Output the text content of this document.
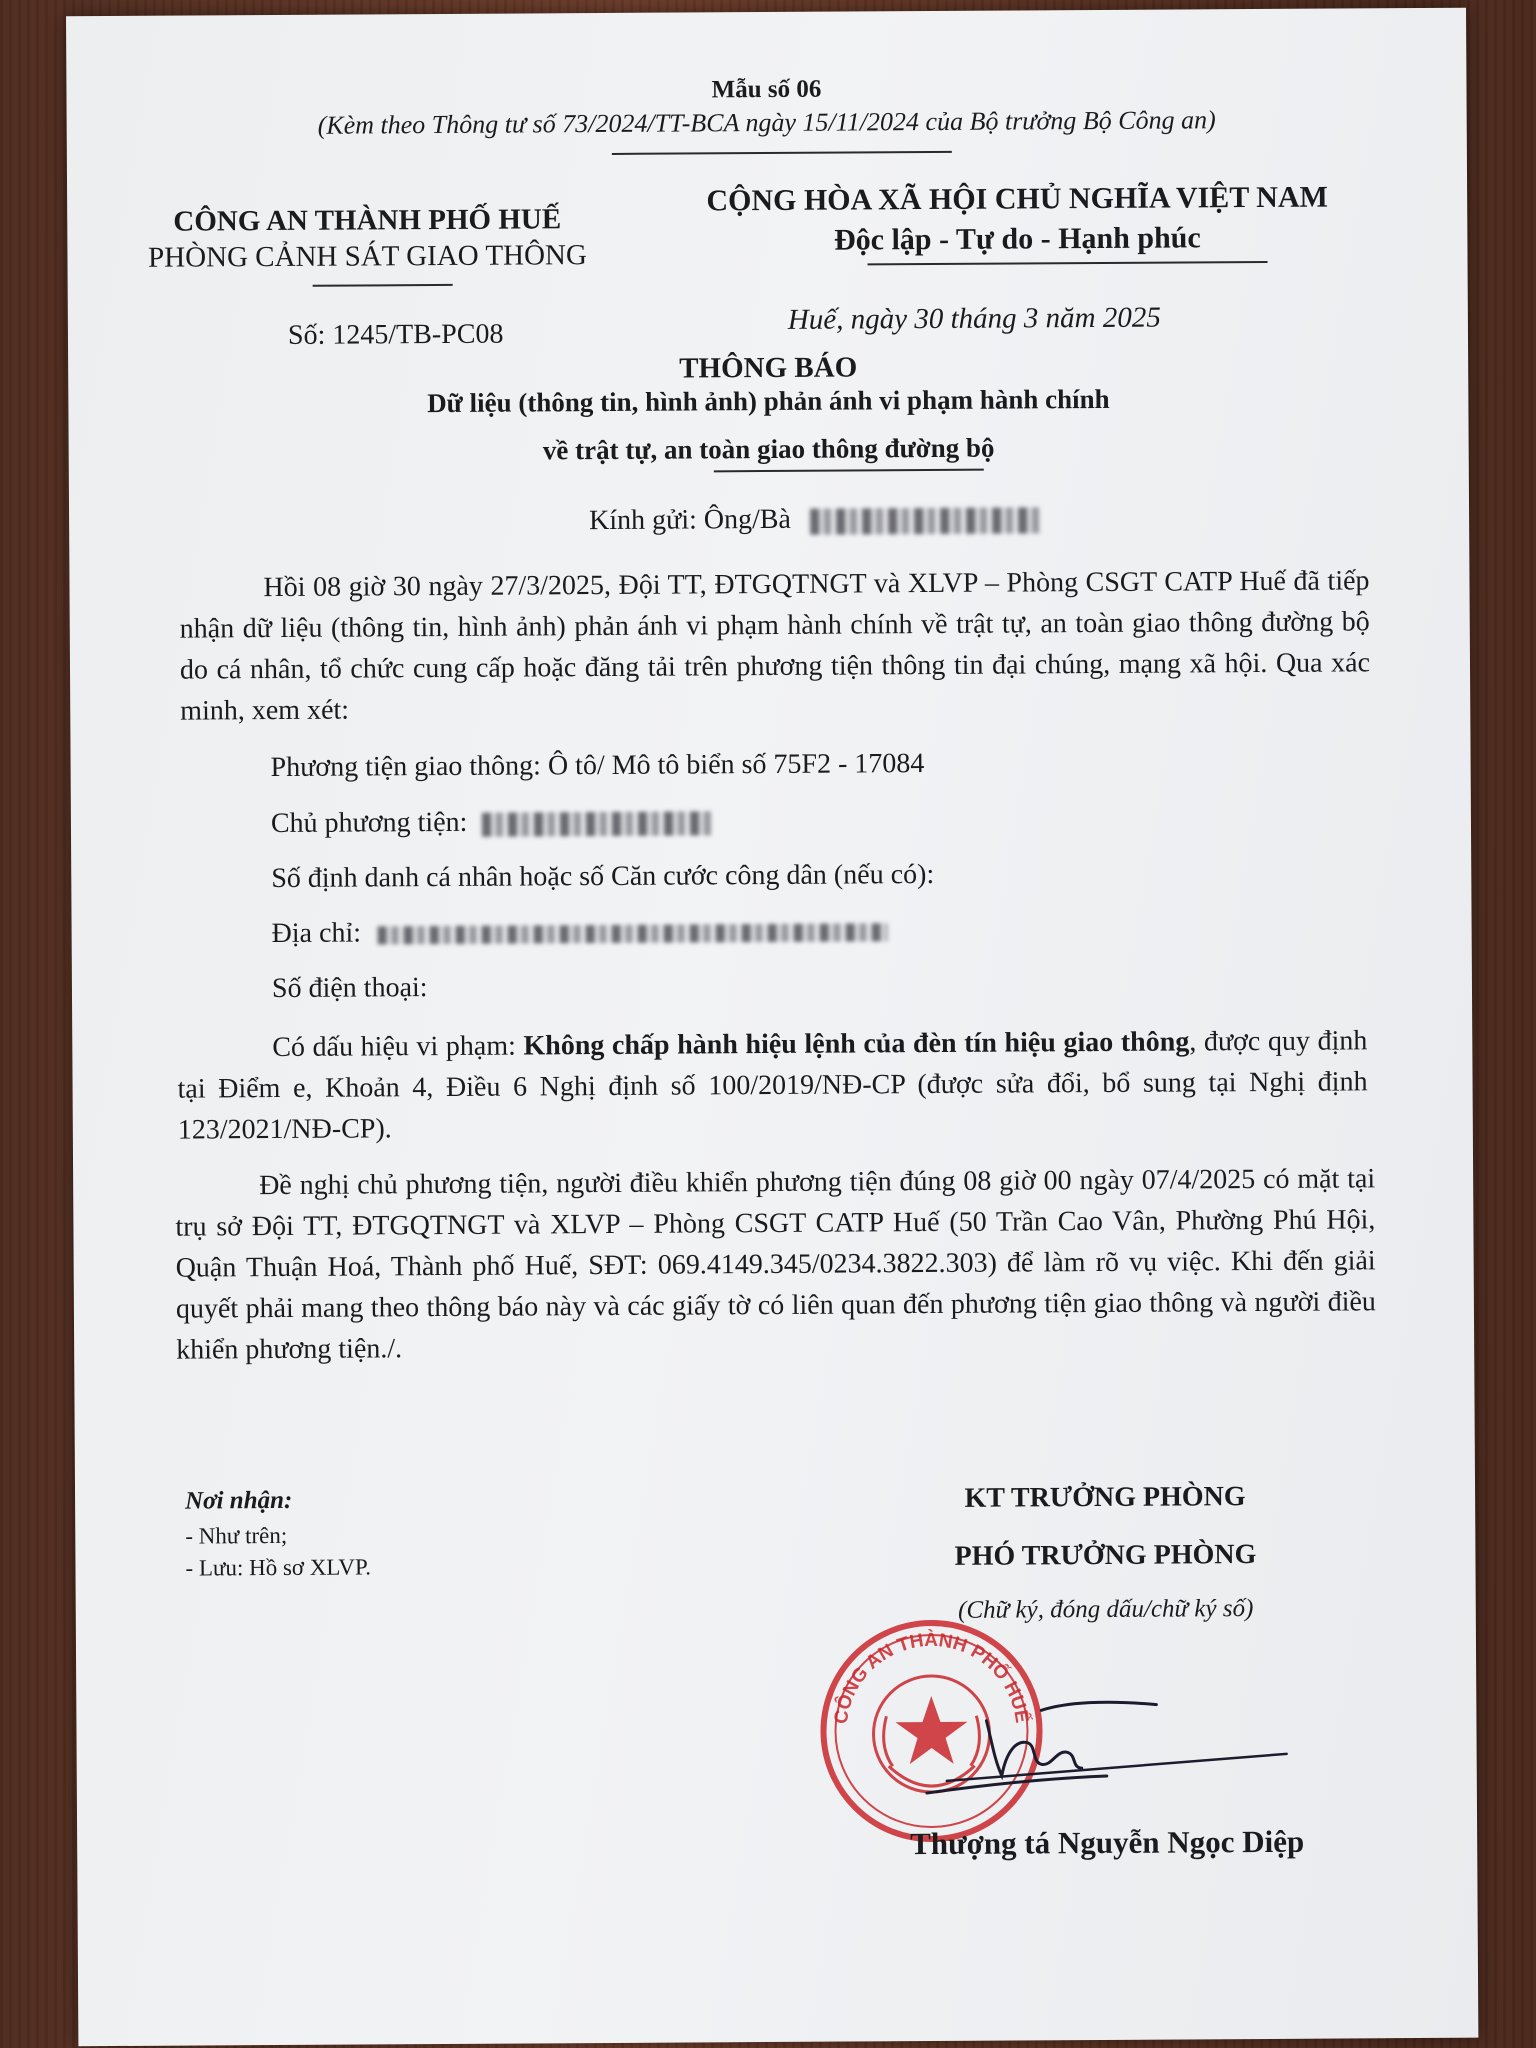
Mẫu số 06
(Kèm theo Thông tư số 73/2024/TT-BCA ngày 15/11/2024 của Bộ trưởng Bộ Công an)
CÔNG AN THÀNH PHỐ HUẾ
PHÒNG CẢNH SÁT GIAO THÔNG
CỘNG HÒA XÃ HỘI CHỦ NGHĨA VIỆT NAM
Độc lập - Tự do - Hạnh phúc
Số: 1245/TB-PC08	Huế, ngày 30 tháng 3 năm 2025
THÔNG BÁO
Dữ liệu (thông tin, hình ảnh) phản ánh vi phạm hành chính
về trật tự, an toàn giao thông đường bộ
Kính gửi: Ông/Bà

Hồi 08 giờ 30 ngày 27/3/2025, Đội TT, ĐTGQTNGT và XLVP – Phòng CSGT CATP Huế đã tiếp nhận dữ liệu (thông tin, hình ảnh) phản ánh vi phạm hành chính về trật tự, an toàn giao thông đường bộ do cá nhân, tổ chức cung cấp hoặc đăng tải trên phương tiện thông tin đại chúng, mạng xã hội. Qua xác minh, xem xét:

Phương tiện giao thông: Ô tô/ Mô tô biển số 75F2 - 17084
Chủ phương tiện:
Số định danh cá nhân hoặc số Căn cước công dân (nếu có):
Địa chỉ:
Số điện thoại:

Có dấu hiệu vi phạm: Không chấp hành hiệu lệnh của đèn tín hiệu giao thông, được quy định tại Điểm e, Khoản 4, Điều 6 Nghị định số 100/2019/NĐ-CP (được sửa đổi, bổ sung tại Nghị định 123/2021/NĐ-CP).

Đề nghị chủ phương tiện, người điều khiển phương tiện đúng 08 giờ 00 ngày 07/4/2025 có mặt tại trụ sở Đội TT, ĐTGQTNGT và XLVP – Phòng CSGT CATP Huế (50 Trần Cao Vân, Phường Phú Hội, Quận Thuận Hoá, Thành phố Huế, SĐT: 069.4149.345/0234.3822.303) để làm rõ vụ việc. Khi đến giải quyết phải mang theo thông báo này và các giấy tờ có liên quan đến phương tiện giao thông và người điều khiển phương tiện./.

Nơi nhận:
- Như trên;
- Lưu: Hồ sơ XLVP.
KT TRƯỞNG PHÒNG
PHÓ TRƯỞNG PHÒNG
(Chữ ký, đóng dấu/chữ ký số)
CÔNG AN THÀNH PHỐ HUẾ
Thượng tá Nguyễn Ngọc Diệp
